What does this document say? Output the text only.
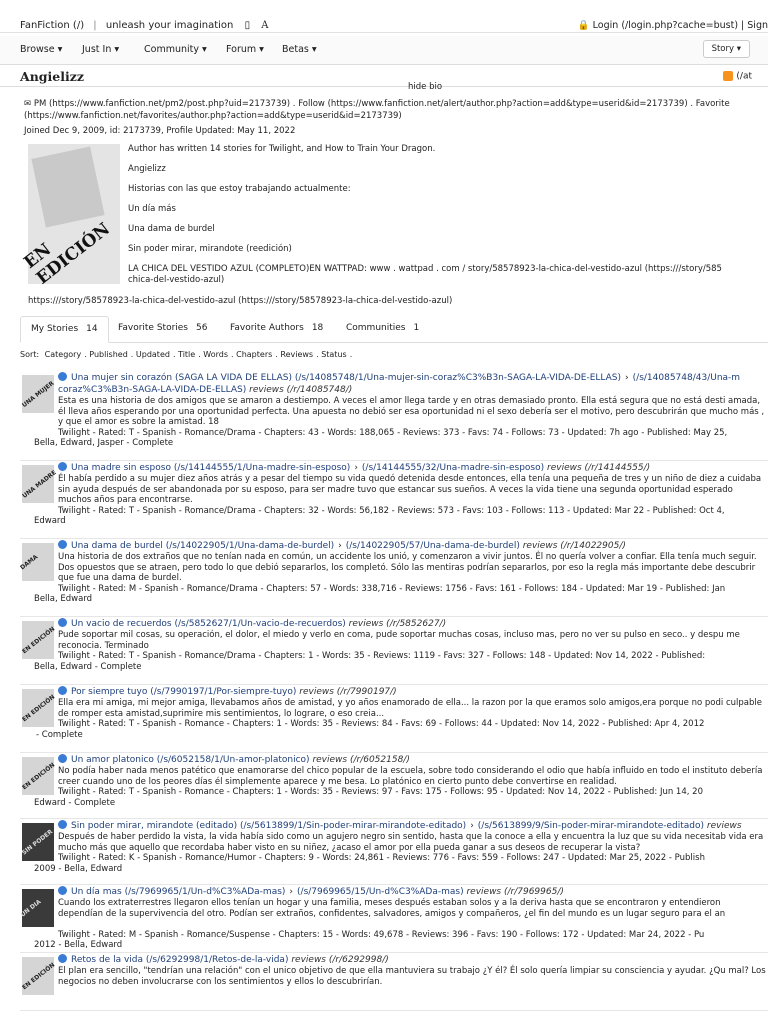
FanFiction (/) | unleash your imagination ▯ A	🔒 Login (/login.php?cache=bust) | Sign
Browse ▾ Just In ▾	Community ▾ Forum ▾ Betas ▾	Story ▾
Angielizz	(/at
hide bio
✉ PM (https://www.fanfiction.net/pm2/post.php?uid=2173739) . Follow (https://www.fanfiction.net/alert/author.php?action=add&type=userid&id=2173739) . Favorite
(https://www.fanfiction.net/favorites/author.php?action=add&type=userid&id=2173739)
Joined Dec 9, 2009, id: 2173739, Profile Updated: May 11, 2022
EN EDICIÓN

Author has written 14 stories for Twilight, and How to Train Your Dragon.

Angielizz

Historias con las que estoy trabajando actualmente:

Un día más

Una dama de burdel

Sin poder mirar, mirandote (reedición)

LA CHICA DEL VESTIDO AZUL (COMPLETO)EN WATTPAD: www . wattpad . com / story/58578923-la-chica-del-vestido-azul (https:///story/585

chica-del-vestido-azul)

https:///story/58578923-la-chica-del-vestido-azul (https:///story/58578923-la-chica-del-vestido-azul)
My Stories 14	Favorite Stories 56	Favorite Authors 18	Communities 1
Sort: Category . Published . Updated . Title . Words . Chapters . Reviews . Status .
UNA MUJER
Una mujer sin corazón (SAGA LA VIDA DE ELLAS) (/s/14085748/1/Una-mujer-sin-coraz%C3%B3n-SAGA-LA-VIDA-DE-ELLAS) › (/s/14085748/43/Una-m
coraz%C3%B3n-SAGA-LA-VIDA-DE-ELLAS) reviews (/r/14085748/)
Esta es una historia de dos amigos que se amaron a destiempo. A veces el amor llega tarde y en otras demasiado pronto. Ella está segura que no está desti amada, él lleva años esperando por una oportunidad perfecta. Una apuesta no debió ser esa oportunidad ni el sexo debería ser el motivo, pero descubrirán que mucho más , y que el amor es sobre la amistad. 18
Twilight - Rated: T - Spanish - Romance/Drama - Chapters: 43 - Words: 188,065 - Reviews: 373 - Favs: 74 - Follows: 73 - Updated: 7h ago - Published: May 25,
Bella, Edward, Jasper - Complete
UNA MADRE
Una madre sin esposo (/s/14144555/1/Una-madre-sin-esposo) › (/s/14144555/32/Una-madre-sin-esposo) reviews (/r/14144555/)
Él había perdido a su mujer diez años atrás y a pesar del tiempo su vida quedó detenida desde entonces, ella tenía una pequeña de tres y un niño de diez a cuidaba sin ayuda después de ser abandonada por su esposo, para ser madre tuvo que estancar sus sueños. A veces la vida tiene una segunda oportunidad esperado muchos años para encontrarse.
Twilight - Rated: T - Spanish - Romance/Drama - Chapters: 32 - Words: 56,182 - Reviews: 573 - Favs: 103 - Follows: 113 - Updated: Mar 22 - Published: Oct 4,
Edward
DAMA
Una dama de burdel (/s/14022905/1/Una-dama-de-burdel) › (/s/14022905/57/Una-dama-de-burdel) reviews (/r/14022905/)
Una historia de dos extraños que no tenían nada en común, un accidente los unió, y comenzaron a vivir juntos. Él no quería volver a confiar. Ella tenía much seguir. Dos opuestos que se atraen, pero todo lo que debió separarlos, los completó. Sólo las mentiras podrían separarlos, por eso la regla más importante debe descubrir que fue una dama de burdel.
Twilight - Rated: M - Spanish - Romance/Drama - Chapters: 57 - Words: 338,716 - Reviews: 1756 - Favs: 161 - Follows: 184 - Updated: Mar 19 - Published: Jan
Bella, Edward
EN EDICIÓN
Un vacio de recuerdos (/s/5852627/1/Un-vacio-de-recuerdos) reviews (/r/5852627/)
Pude soportar mil cosas, su operación, el dolor, el miedo y verlo en coma, pude soportar muchas cosas, incluso mas, pero no ver su pulso en seco.. y despu me reconocia. Terminado
Twilight - Rated: T - Spanish - Romance/Drama - Chapters: 1 - Words: 35 - Reviews: 1119 - Favs: 327 - Follows: 148 - Updated: Nov 14, 2022 - Published:
Bella, Edward - Complete
EN EDICIÓN
Por siempre tuyo (/s/7990197/1/Por-siempre-tuyo) reviews (/r/7990197/)
Ella era mi amiga, mi mejor amiga, llevabamos años de amistad, y yo años enamorado de ella... la razon por la que eramos solo amigos,era porque no podi culpable de romper esta amistad,suprimire mis sentimientos, lo lograre, o eso creia...
Twilight - Rated: T - Spanish - Romance - Chapters: 1 - Words: 35 - Reviews: 84 - Favs: 69 - Follows: 44 - Updated: Nov 14, 2022 - Published: Apr 4, 2012
- Complete
EN EDICIÓN
Un amor platonico (/s/6052158/1/Un-amor-platonico) reviews (/r/6052158/)
No podía haber nada menos patético que enamorarse del chico popular de la escuela, sobre todo considerando el odio que había influido en todo el instituto debería creer cuando uno de los peores días él simplemente aparece y me besa. Lo platónico en cierto punto debe convertirse en realidad.
Twilight - Rated: T - Spanish - Romance - Chapters: 1 - Words: 35 - Reviews: 97 - Favs: 175 - Follows: 95 - Updated: Nov 14, 2022 - Published: Jun 14, 20
Edward - Complete
SIN PODER
Sin poder mirar, mirandote (editado) (/s/5613899/1/Sin-poder-mirar-mirandote-editado) › (/s/5613899/9/Sin-poder-mirar-mirandote-editado) reviews
Después de haber perdido la vista, la vida había sido como un agujero negro sin sentido, hasta que la conoce a ella y encuentra la luz que su vida necesitab vida era mucho más que aquello que recordaba haber visto en su niñez, ¿acaso el amor por ella pueda ganar a sus deseos de recuperar la vista?
Twilight - Rated: K - Spanish - Romance/Humor - Chapters: 9 - Words: 24,861 - Reviews: 776 - Favs: 559 - Follows: 247 - Updated: Mar 25, 2022 - Publish
2009 - Bella, Edward
UN DIA
Un día mas (/s/7969965/1/Un-d%C3%ADa-mas) › (/s/7969965/15/Un-d%C3%ADa-mas) reviews (/r/7969965/)
Cuando los extraterrestres llegaron ellos tenían un hogar y una familia, meses después estaban solos y a la deriva hasta que se encontraron y entendieron dependían de la supervivencia del otro. Podían ser extraños, confidentes, salvadores, amigos y compañeros, ¿el fin del mundo es un lugar seguro para el an
Twilight - Rated: M - Spanish - Romance/Suspense - Chapters: 15 - Words: 49,678 - Reviews: 396 - Favs: 190 - Follows: 172 - Updated: Mar 24, 2022 - Pu
2012 - Bella, Edward
EN EDICIÓN
Retos de la vida (/s/6292998/1/Retos-de-la-vida) reviews (/r/6292998/)
El plan era sencillo, "tendrían una relación" con el unico objetivo de que ella mantuviera su trabajo ¿Y él? Él solo quería limpiar su consciencia y ayudar. ¿Qu mal? Los negocios no deben involucrarse con los sentimientos y ellos lo descubrirían.
